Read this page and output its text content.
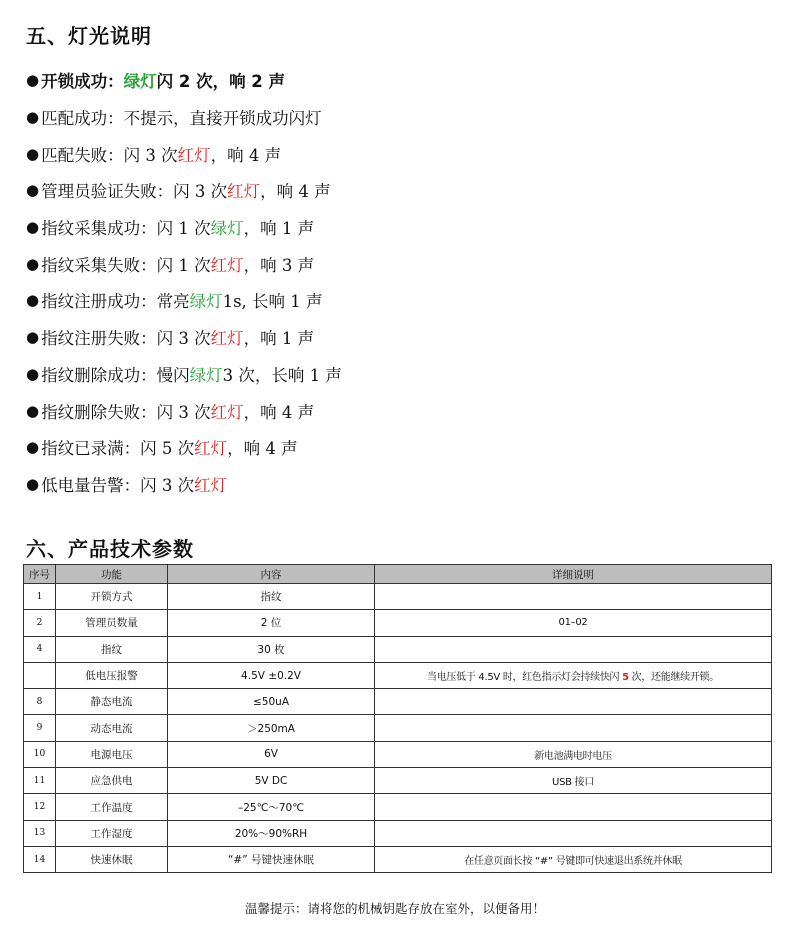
五、灯光说明
● 开锁成功： 绿灯 闪 2 次，响 2 声
● 匹配成功：不提示，直接开锁成功闪灯
● 匹配失败：闪 3 次 红灯 ，响 4 声
● 管理员验证失败：闪 3 次 红灯 ，响 4 声
● 指纹采集成功：闪 1 次 绿灯 ，响 1 声
● 指纹采集失败：闪 1 次 红灯 ，响 3 声
● 指纹注册成功：常亮 绿灯 1s, 长响 1 声
● 指纹注册失败：闪 3 次 红灯 ，响 1 声
● 指纹删除成功：慢闪 绿灯 3 次，长响 1 声
● 指纹删除失败：闪 3 次 红灯 ，响 4 声
● 指纹已录满：闪 5 次 红灯 ，响 4 声
● 低电量告警：闪 3 次 红灯
六、产品技术参数
序号	功能	内容	详细说明
1	开锁方式	指纹	
2	管理员数量	2 位	01–02
4	指纹	30 枚	
	低电压报警	4.5V ±0.2V	当电压低于 4.5V 时，红色指示灯会持续快闪 5 次，还能继续开锁。
8	静态电流	≤50uA	
9	动态电流	＞250mA	
10	电源电压	6V	新电池满电时电压
11	应急供电	5V DC	USB 接口
12	工作温度	–25℃～70℃	
13	工作湿度	20%～90%RH	
14	快速休眠	“#” 号键快速休眠	在任意页面长按 “#” 号键即可快速退出系统并休眠
温馨提示：请将您的机械钥匙存放在室外，以便备用！
